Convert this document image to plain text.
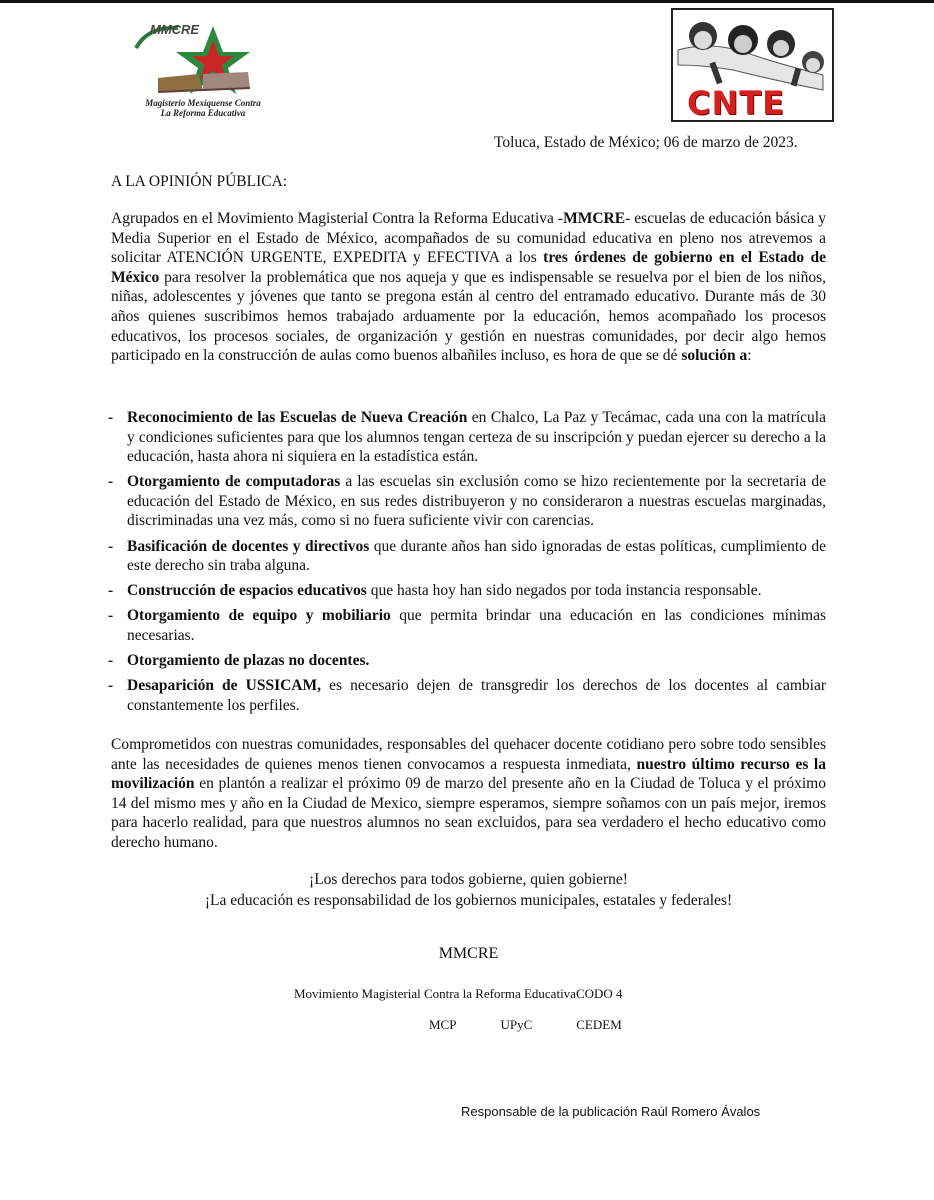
MMCRE
Magisterio Mexiquense Contra
La Reforma Educativa	CNTE

Toluca, Estado de México; 06 de marzo de 2023.

A LA OPINIÓN PÚBLICA:

Agrupados en el Movimiento Magisterial Contra la Reforma Educativa -MMCRE- escuelas de educación básica y Media Superior en el Estado de México, acompañados de su comunidad educativa en pleno nos atrevemos a solicitar ATENCIÓN URGENTE, EXPEDITA y EFECTIVA a los tres órdenes de gobierno en el Estado de México para resolver la problemática que nos aqueja y que es indispensable se resuelva por el bien de los niños, niñas, adolescentes y jóvenes que tanto se pregona están al centro del entramado educativo. Durante más de 30 años quienes suscribimos hemos trabajado arduamente por la educación, hemos acompañado los procesos educativos, los procesos sociales, de organización y gestión en nuestras comunidades, por decir algo hemos participado en la construcción de aulas como buenos albañiles incluso, es hora de que se dé solución a:

- Reconocimiento de las Escuelas de Nueva Creación en Chalco, La Paz y Tecámac, cada una con la matrícula y condiciones suficientes para que los alumnos tengan certeza de su inscripción y puedan ejercer su derecho a la educación, hasta ahora ni siquiera en la estadística están.
- Otorgamiento de computadoras a las escuelas sin exclusión como se hizo recientemente por la secretaria de educación del Estado de México, en sus redes distribuyeron y no consideraron a nuestras escuelas marginadas, discriminadas una vez más, como si no fuera suficiente vivir con carencias.
- Basificación de docentes y directivos que durante años han sido ignoradas de estas políticas, cumplimiento de este derecho sin traba alguna.
- Construcción de espacios educativos que hasta hoy han sido negados por toda instancia responsable.
- Otorgamiento de equipo y mobiliario que permita brindar una educación en las condiciones mínimas necesarias.
- Otorgamiento de plazas no docentes.
- Desaparición de USSICAM, es necesario dejen de transgredir los derechos de los docentes al cambiar constantemente los perfiles.

Comprometidos con nuestras comunidades, responsables del quehacer docente cotidiano pero sobre todo sensibles ante las necesidades de quienes menos tienen convocamos a respuesta inmediata, nuestro último recurso es la movilización en plantón a realizar el próximo 09 de marzo del presente año en la Ciudad de Toluca y el próximo 14 del mismo mes y año en la Ciudad de Mexico, siempre esperamos, siempre soñamos con un país mejor, iremos para hacerlo realidad, para que nuestros alumnos no sean excluidos, para sea verdadero el hecho educativo como derecho humano.

¡Los derechos para todos gobierne, quien gobierne!
¡La educación es responsabilidad de los gobiernos municipales, estatales y federales!
MMCRE
Movimiento Magisterial Contra la Reforma EducativaCODO 4
MCP	UPyC	CEDEM
Responsable de la publicación Raúl Romero Ávalos
